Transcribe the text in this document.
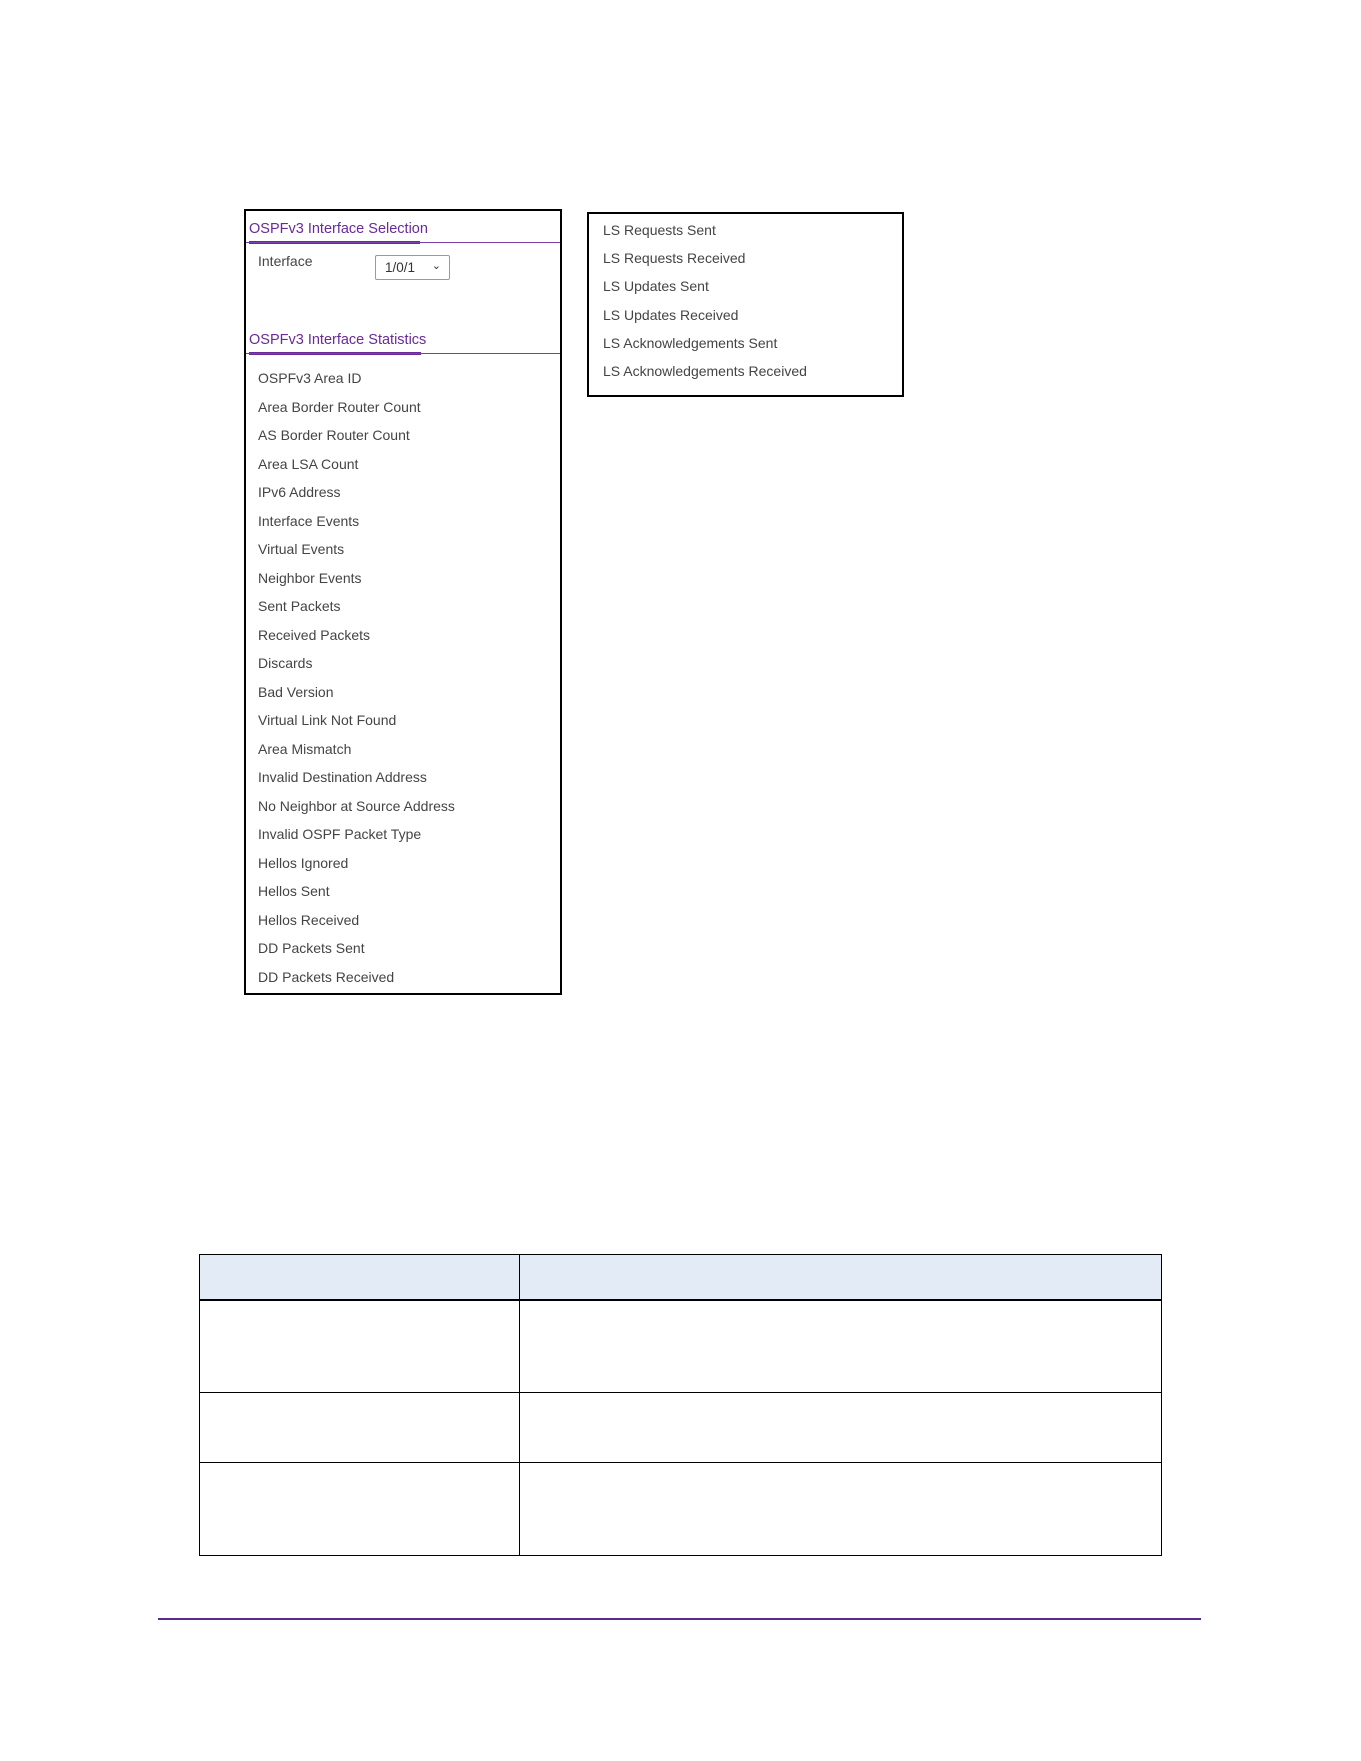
OSPFv3 Interface Selection
Interface	1/0/1 ⌄
OSPFv3 Interface Statistics
OSPFv3 Area ID
Area Border Router Count
AS Border Router Count
Area LSA Count
IPv6 Address
Interface Events
Virtual Events
Neighbor Events
Sent Packets
Received Packets
Discards
Bad Version
Virtual Link Not Found
Area Mismatch
Invalid Destination Address
No Neighbor at Source Address
Invalid OSPF Packet Type
Hellos Ignored
Hellos Sent
Hellos Received
DD Packets Sent
DD Packets Received
LS Requests Sent
LS Requests Received
LS Updates Sent
LS Updates Received
LS Acknowledgements Sent
LS Acknowledgements Received
